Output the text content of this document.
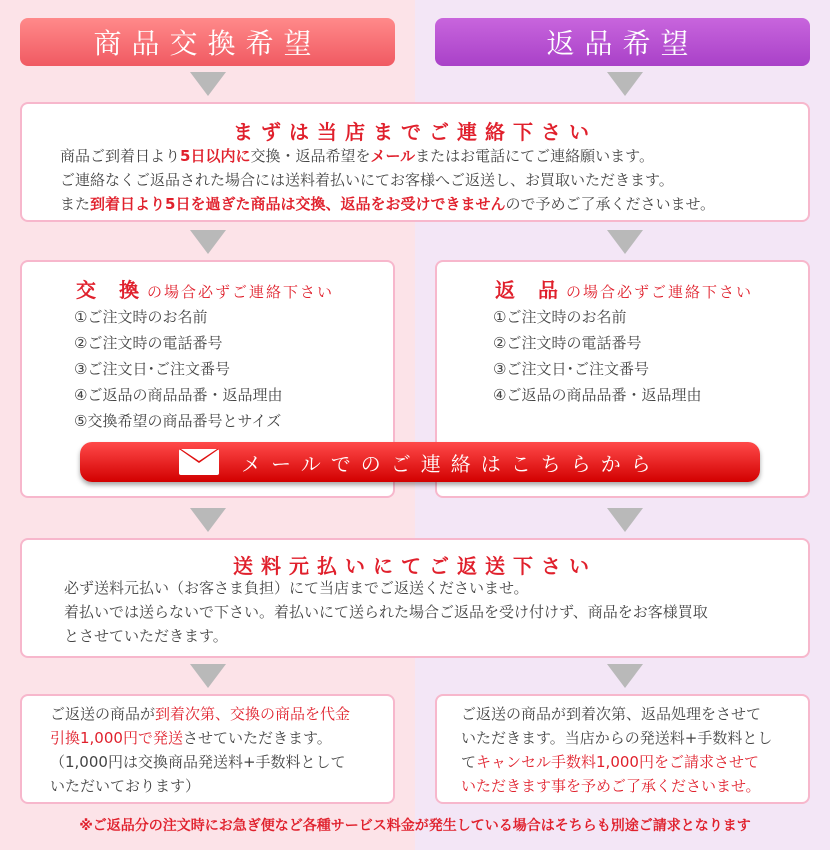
商品交換希望	返品希望
まずは当店までご連絡下さい
商品ご到着日より5日以内に交換・返品希望をメールまたはお電話にてご連絡願います。
ご連絡なくご返品された場合には送料着払いにてお客様へご返送し、お買取いただきます。
また到着日より5日を過ぎた商品は交換、返品をお受けできませんので予めご了承くださいませ。
交 換の場合必ずご連絡下さい
①ご注文時のお名前
②ご注文時の電話番号
③ご注文日･ご注文番号
④ご返品の商品品番・返品理由
⑤交換希望の商品番号とサイズ
返 品の場合必ずご連絡下さい
①ご注文時のお名前
②ご注文時の電話番号
③ご注文日･ご注文番号
④ご返品の商品品番・返品理由
メールでのご連絡はこちらから
送料元払いにてご返送下さい
必ず送料元払い（お客さま負担）にて当店までご返送くださいませ。
着払いでは送らないで下さい。着払いにて送られた場合ご返品を受け付けず、商品をお客様買取
とさせていただきます。
ご返送の商品が到着次第、交換の商品を代金
引換1,000円で発送させていただきます。
（1,000円は交換商品発送料+手数料として
いただいております）
ご返送の商品が到着次第、返品処理をさせて
いただきます。当店からの発送料+手数料とし
てキャンセル手数料1,000円をご請求させて
いただきます事を予めご了承くださいませ。
※ご返品分の注文時にお急ぎ便など各種サービス料金が発生している場合はそちらも別途ご請求となります
